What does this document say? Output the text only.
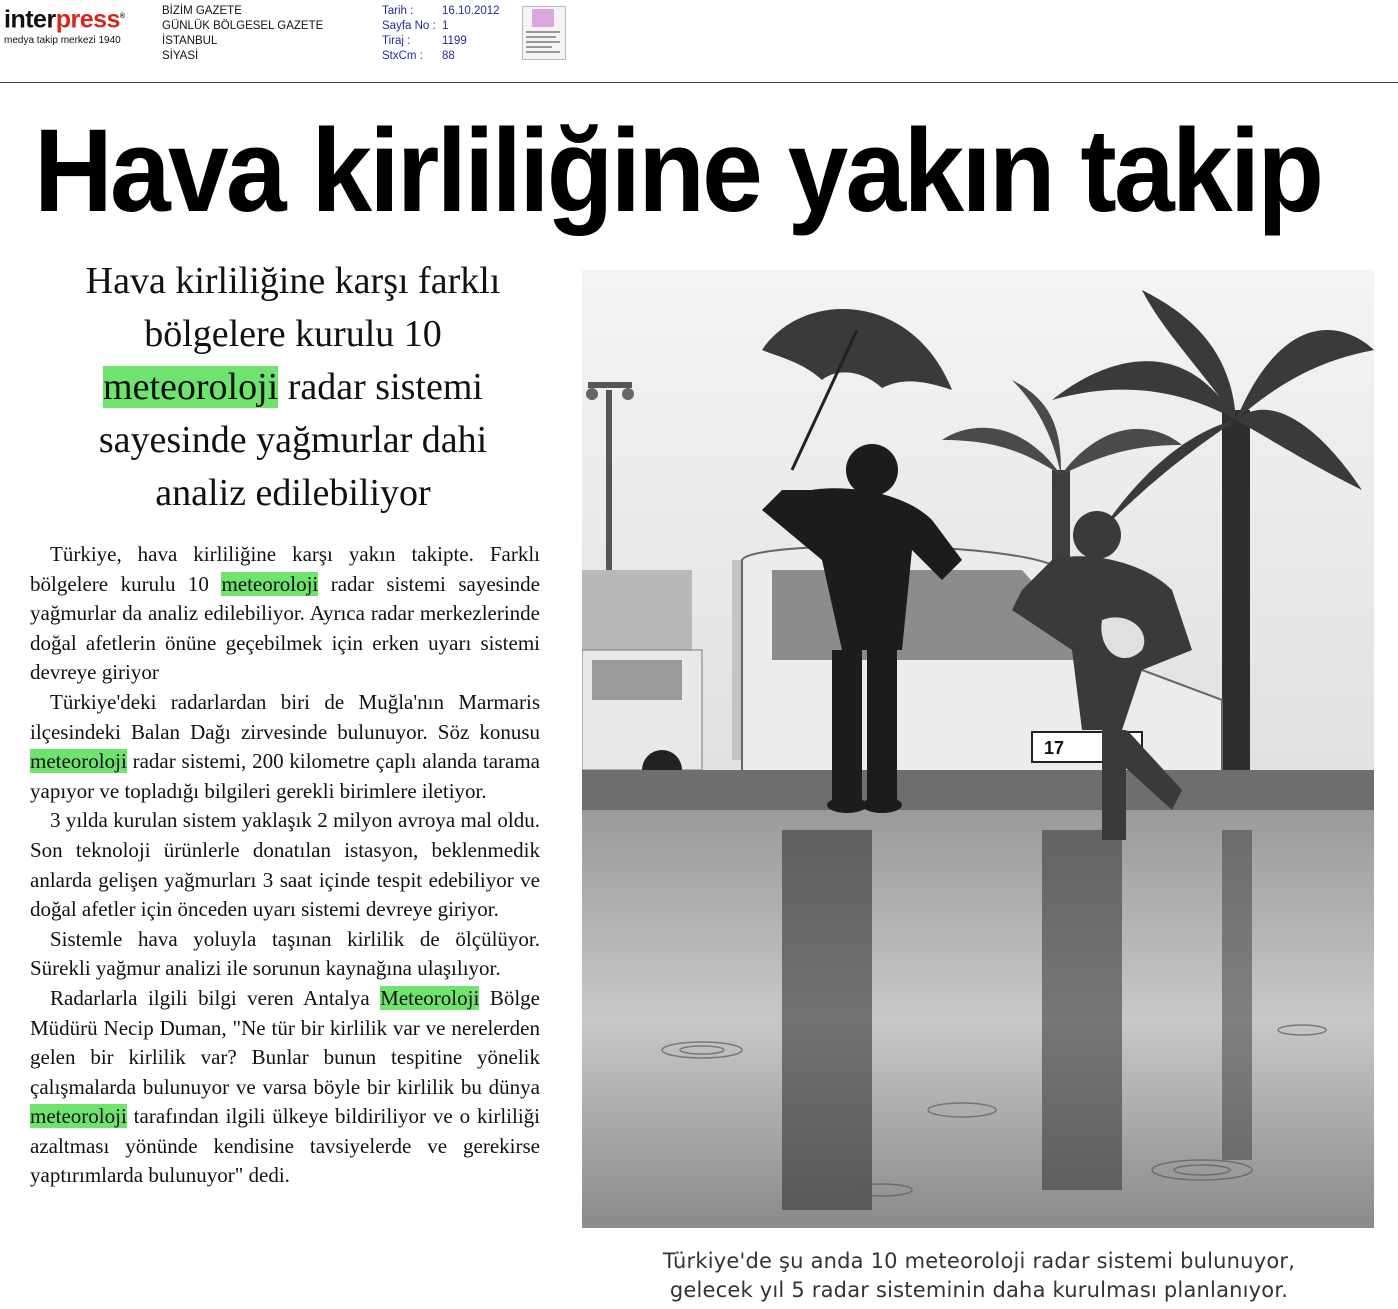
interpress®
medya takip merkezi 1940
BİZİM GAZETE
GÜNLÜK BÖLGESEL GAZETE
İSTANBUL
SİYASİ
Tarih :	16.10.2012
Sayfa No : 1
Tiraj :	1199
StxCm :	88
Hava kirliliğine yakın takip
Hava kirliliğine karşı farklı
bölgelere kurulu 10
meteoroloji radar sistemi
sayesinde yağmurlar dahi
analiz edilebiliyor

Türkiye, hava kirliliğine karşı yakın takipte. Farklı bölgelere kurulu 10 meteoroloji radar sistemi sayesinde yağmurlar da analiz edilebiliyor. Ayrıca radar merkezlerinde doğal afetlerin önüne geçebilmek için erken uyarı sistemi devreye giriyor

Türkiye'deki radarlardan biri de Muğla'nın Marmaris ilçesindeki Balan Dağı zirvesinde bulunuyor. Söz konusu meteoroloji radar sistemi, 200 kilometre çaplı alanda tarama yapıyor ve topladığı bilgileri gerekli birimlere iletiyor.

3 yılda kurulan sistem yaklaşık 2 milyon avroya mal oldu. Son teknoloji ürünlerle donatılan istasyon, beklenmedik anlarda gelişen yağmurları 3 saat içinde tespit edebiliyor ve doğal afetler için önceden uyarı sistemi devreye giriyor.

Sistemle hava yoluyla taşınan kirlilik de ölçülüyor. Sürekli yağmur analizi ile sorunun kaynağına ulaşılıyor.

Radarlarla ilgili bilgi veren Antalya Meteoroloji Bölge Müdürü Necip Duman, "Ne tür bir kirlilik var ve nerelerden gelen bir kirlilik var? Bunlar bunun tespitine yönelik çalışmalarda bulunuyor ve varsa böyle bir kirlilik bu dünya meteoroloji tarafından ilgili ülkeye bildiriliyor ve o kirliliği azaltması yönünde kendisine tavsiyelerde ve gerekirse yaptırımlarda bulunuyor" dedi.

17
Türkiye'de şu anda 10 meteoroloji radar sistemi bulunuyor,
gelecek yıl 5 radar sisteminin daha kurulması planlanıyor.
